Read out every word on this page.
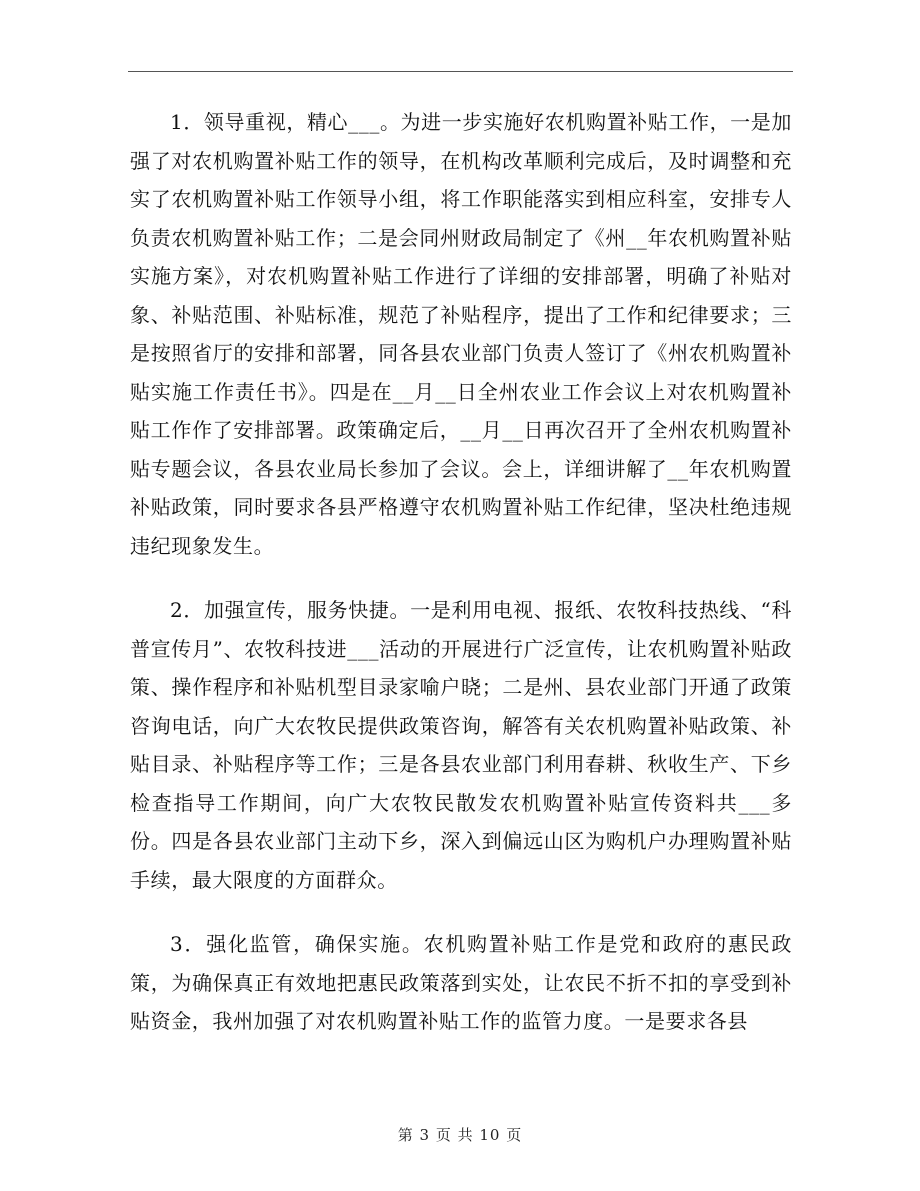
1．领导重视，精心___。为进一步实施好农机购置补贴工作，一是加强了对农机购置补贴工作的领导，在机构改革顺利完成后，及时调整和充实了农机购置补贴工作领导小组，将工作职能落实到相应科室，安排专人负责农机购置补贴工作；二是会同州财政局制定了《州__年农机购置补贴实施方案》，对农机购置补贴工作进行了详细的安排部署，明确了补贴对象、补贴范围、补贴标准，规范了补贴程序，提出了工作和纪律要求；三是按照省厅的安排和部署，同各县农业部门负责人签订了《州农机购置补贴实施工作责任书》。四是在__月__日全州农业工作会议上对农机购置补贴工作作了安排部署。政策确定后，__月__日再次召开了全州农机购置补贴专题会议，各县农业局长参加了会议。会上，详细讲解了__年农机购置补贴政策，同时要求各县严格遵守农机购置补贴工作纪律，坚决杜绝违规违纪现象发生。

2．加强宣传，服务快捷。一是利用电视、报纸、农牧科技热线、“科普宣传月”、农牧科技进___活动的开展进行广泛宣传，让农机购置补贴政策、操作程序和补贴机型目录家喻户晓；二是州、县农业部门开通了政策咨询电话，向广大农牧民提供政策咨询，解答有关农机购置补贴政策、补贴目录、补贴程序等工作；三是各县农业部门利用春耕、秋收生产、下乡检查指导工作期间，向广大农牧民散发农机购置补贴宣传资料共___多份。四是各县农业部门主动下乡，深入到偏远山区为购机户办理购置补贴手续，最大限度的方面群众。

3．强化监管，确保实施。农机购置补贴工作是党和政府的惠民政策，为确保真正有效地把惠民政策落到实处，让农民不折不扣的享受到补贴资金，我州加强了对农机购置补贴工作的监管力度。一是要求各县

第 3 页 共 10 页
